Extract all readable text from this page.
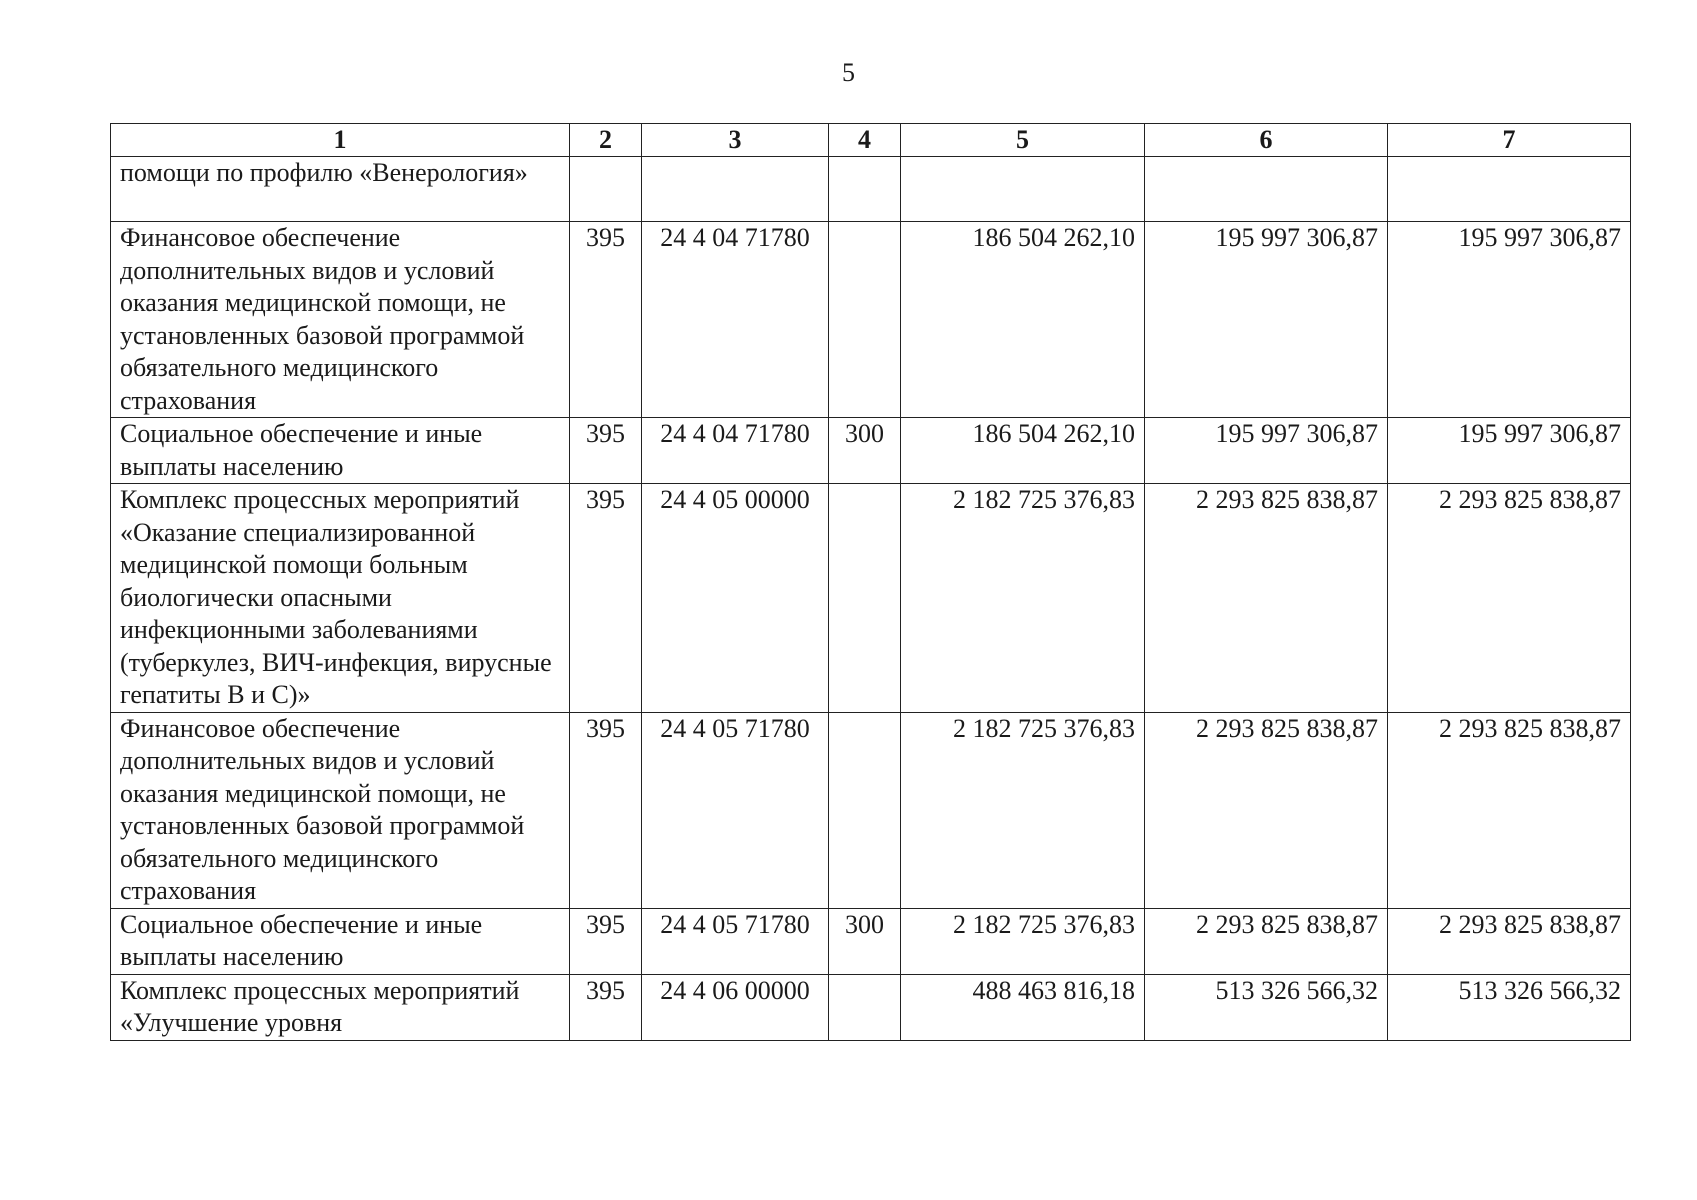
5
1	2	3	4	5	6	7
помощи по профилю «Венерология»						
Финансовое обеспечение дополнительных видов и условий оказания медицинской помощи, не установленных базовой программой обязательного медицинского страхования	395	24 4 04 71780		186 504 262,10	195 997 306,87	195 997 306,87
Социальное обеспечение и иные выплаты населению	395	24 4 04 71780	300	186 504 262,10	195 997 306,87	195 997 306,87
Комплекс процессных мероприятий «Оказание специализированной медицинской помощи больным биологически опасными инфекционными заболеваниями (туберкулез, ВИЧ-инфекция, вирусные гепатиты В и С)»	395	24 4 05 00000		2 182 725 376,83	2 293 825 838,87	2 293 825 838,87
Финансовое обеспечение дополнительных видов и условий оказания медицинской помощи, не установленных базовой программой обязательного медицинского страхования	395	24 4 05 71780		2 182 725 376,83	2 293 825 838,87	2 293 825 838,87
Социальное обеспечение и иные выплаты населению	395	24 4 05 71780	300	2 182 725 376,83	2 293 825 838,87	2 293 825 838,87
Комплекс процессных мероприятий «Улучшение уровня	395	24 4 06 00000		488 463 816,18	513 326 566,32	513 326 566,32
